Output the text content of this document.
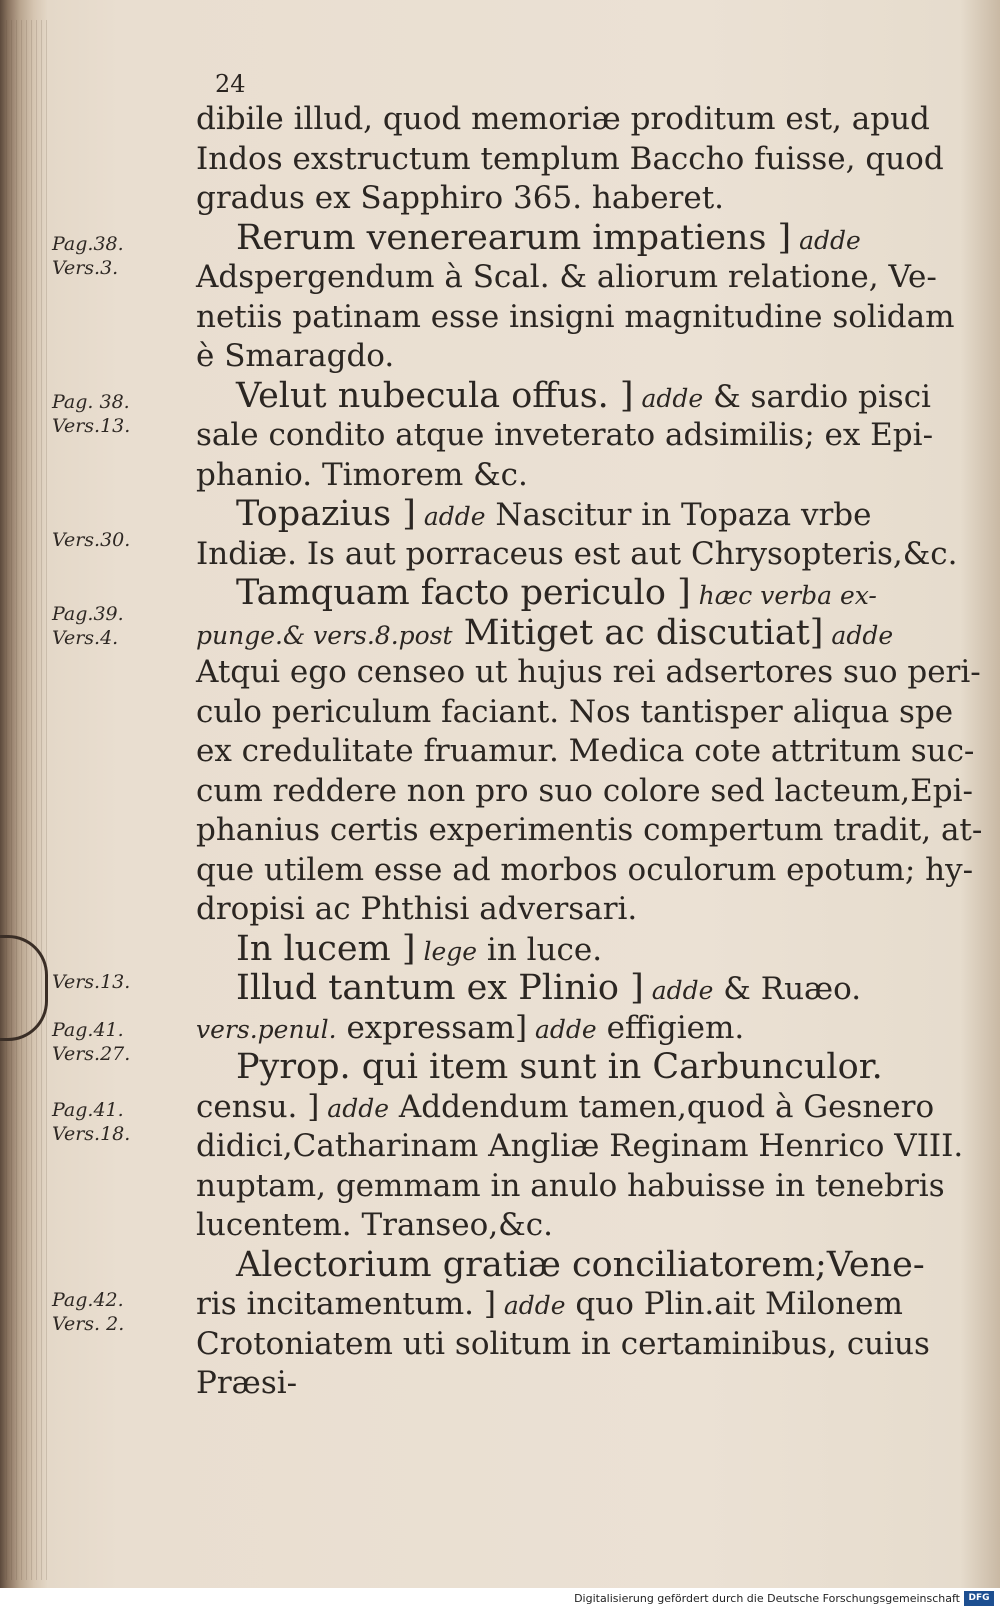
24
dibile illud, quod memoriæ proditum est, apud
Indos exstructum templum Baccho fuisse, quod
gradus ex Sapphiro 365. haberet.
Rerum venerearum impatiens ] adde
Adspergendum à Scal. & aliorum relatione, Ve-
netiis patinam esse insigni magnitudine solidam
è Smaragdo.
Velut nubecula offus. ] adde & sardio pisci
sale condito atque inveterato adsimilis; ex Epi-
phanio. Timorem &c.
Topazius ] adde Nascitur in Topaza vrbe
Indiæ. Is aut porraceus est aut Chrysopteris,&c.
Tamquam facto periculo ] hæc verba ex-
punge.& vers.8.post Mitiget ac discutiat] adde
Atqui ego censeo ut hujus rei adsertores suo peri-
culo periculum faciant. Nos tantisper aliqua spe
ex credulitate fruamur. Medica cote attritum suc-
cum reddere non pro suo colore sed lacteum,Epi-
phanius certis experimentis compertum tradit, at-
que utilem esse ad morbos oculorum epotum; hy-
dropisi ac Phthisi adversari.
In lucem ] lege in luce.
Illud tantum ex Plinio ] adde & Ruæo.
vers.penul. expressam] adde effigiem.
Pyrop. qui item sunt in Carbunculor.
censu. ] adde Addendum tamen,quod à Gesnero
didici,Catharinam Angliæ Reginam Henrico VIII.
nuptam, gemmam in anulo habuisse in tenebris
lucentem. Transeo,&c.
Alectorium gratiæ conciliatorem;Vene-
ris incitamentum. ] adde quo Plin.ait Milonem
Crotoniatem uti solitum in certaminibus, cuius
Præsi-
Pag.38.
Vers.3.
Pag. 38.
Vers.13.
Vers.30.
Pag.39.
Vers.4.
Vers.13.
Pag.41.
Vers.27.
Pag.41.
Vers.18.
Pag.42.
Vers. 2.
Digitalisierung gefördert durch die Deutsche Forschungsgemeinschaft DFG
